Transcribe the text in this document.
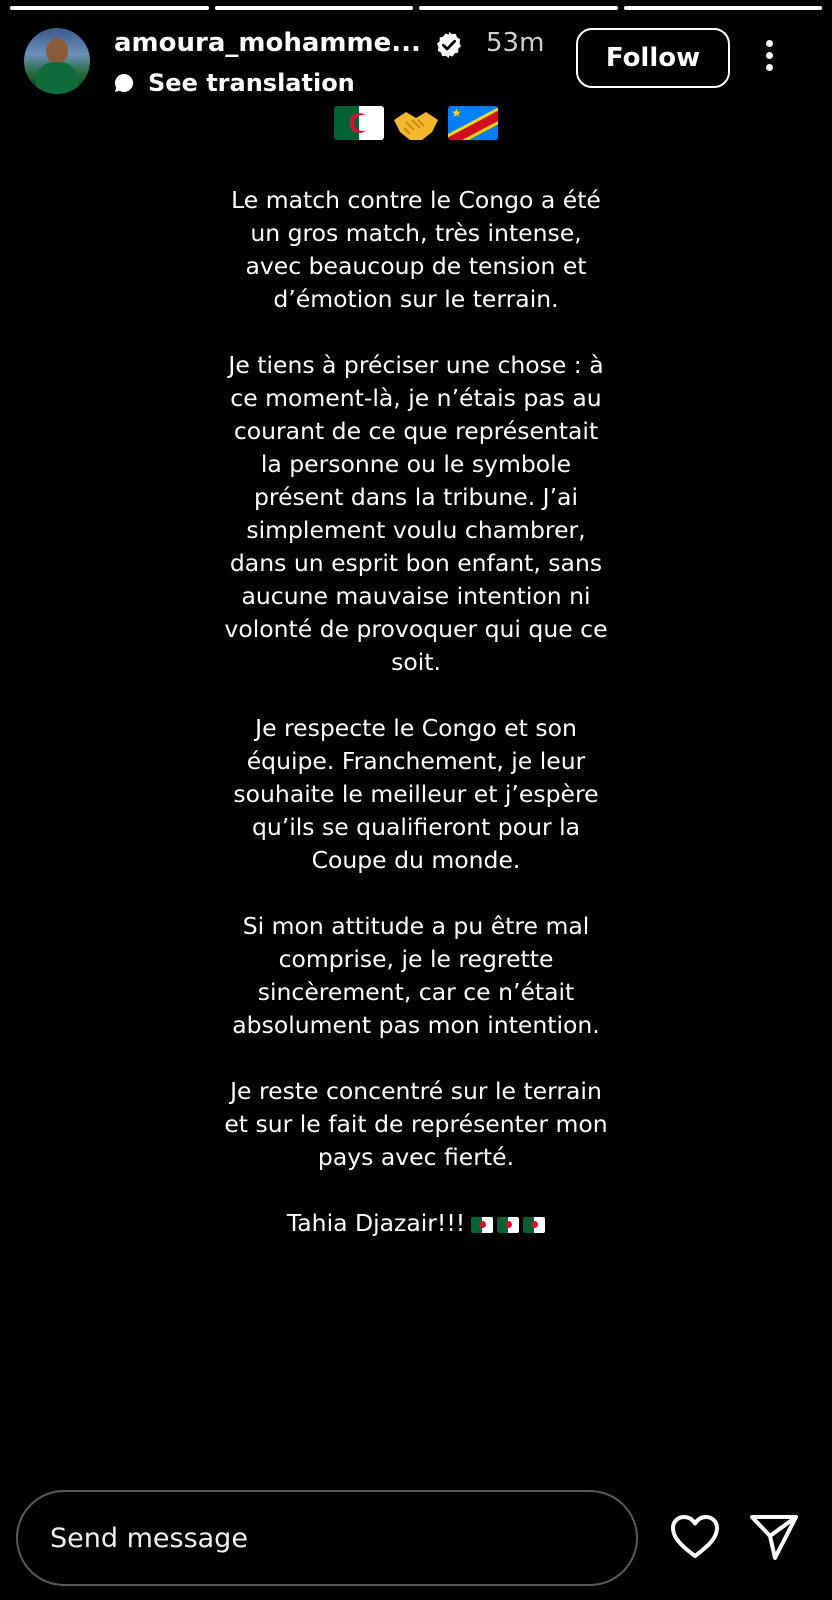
amoura_mohamme...	53m
See translation
Follow
★

Le match contre le Congo a été un gros match, très intense, avec beaucoup de tension et d’émotion sur le terrain.

Je tiens à préciser une chose : à ce moment-là, je n’étais pas au courant de ce que représentait la personne ou le symbole présent dans la tribune. J’ai simplement voulu chambrer, dans un esprit bon enfant, sans aucune mauvaise intention ni volonté de provoquer qui que ce soit.

Je respecte le Congo et son équipe. Franchement, je leur souhaite le meilleur et j’espère qu’ils se qualifieront pour la Coupe du monde.

Si mon attitude a pu être mal comprise, je le regrette sincèrement, car ce n’était absolument pas mon intention.

Je reste concentré sur le terrain et sur le fait de représenter mon pays avec fierté.

Tahia Djazair!!!

Send message
